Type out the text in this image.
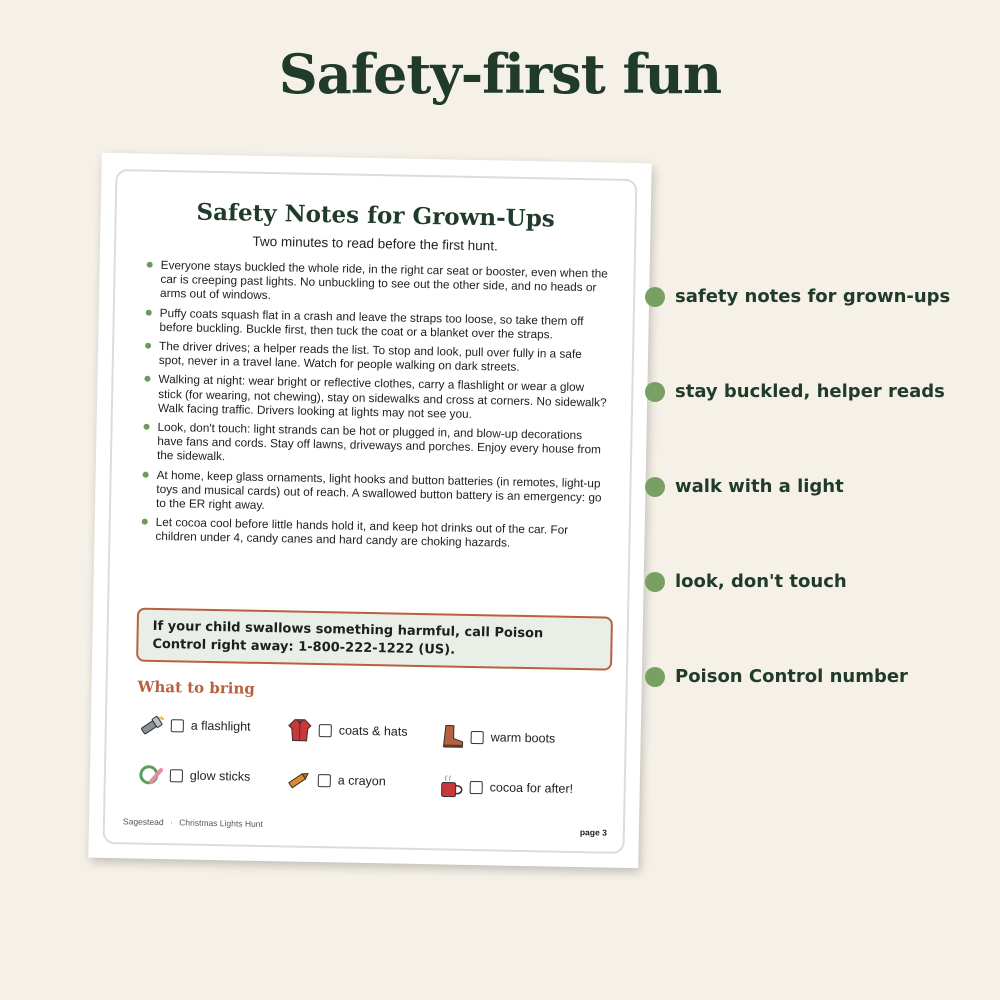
Safety-first fun
Safety Notes for Grown-Ups
Two minutes to read before the first hunt.
Everyone stays buckled the whole ride, in the right car seat or booster, even when the car is creeping past lights. No unbuckling to see out the other side, and no heads or arms out of windows.
Puffy coats squash flat in a crash and leave the straps too loose, so take them off before buckling. Buckle first, then tuck the coat or a blanket over the straps.
The driver drives; a helper reads the list. To stop and look, pull over fully in a safe spot, never in a travel lane. Watch for people walking on dark streets.
Walking at night: wear bright or reflective clothes, carry a flashlight or wear a glow stick (for wearing, not chewing), stay on sidewalks and cross at corners. No sidewalk? Walk facing traffic. Drivers looking at lights may not see you.
Look, don't touch: light strands can be hot or plugged in, and blow-up decorations have fans and cords. Stay off lawns, driveways and porches. Enjoy every house from the sidewalk.
At home, keep glass ornaments, light hooks and button batteries (in remotes, light-up toys and musical cards) out of reach. A swallowed button battery is an emergency: go to the ER right away.
Let cocoa cool before little hands hold it, and keep hot drinks out of the car. For children under 4, candy canes and hard candy are choking hazards.
If your child swallows something harmful, call Poison Control right away: 1-800-222-1222 (US).
What to bring
a flashlight	coats & hats	warm boots
glow sticks	a crayon	cocoa for after!
Sagestead · Christmas Lights Hunt
page 3
safety notes for grown-ups
stay buckled, helper reads
walk with a light
look, don't touch
Poison Control number
